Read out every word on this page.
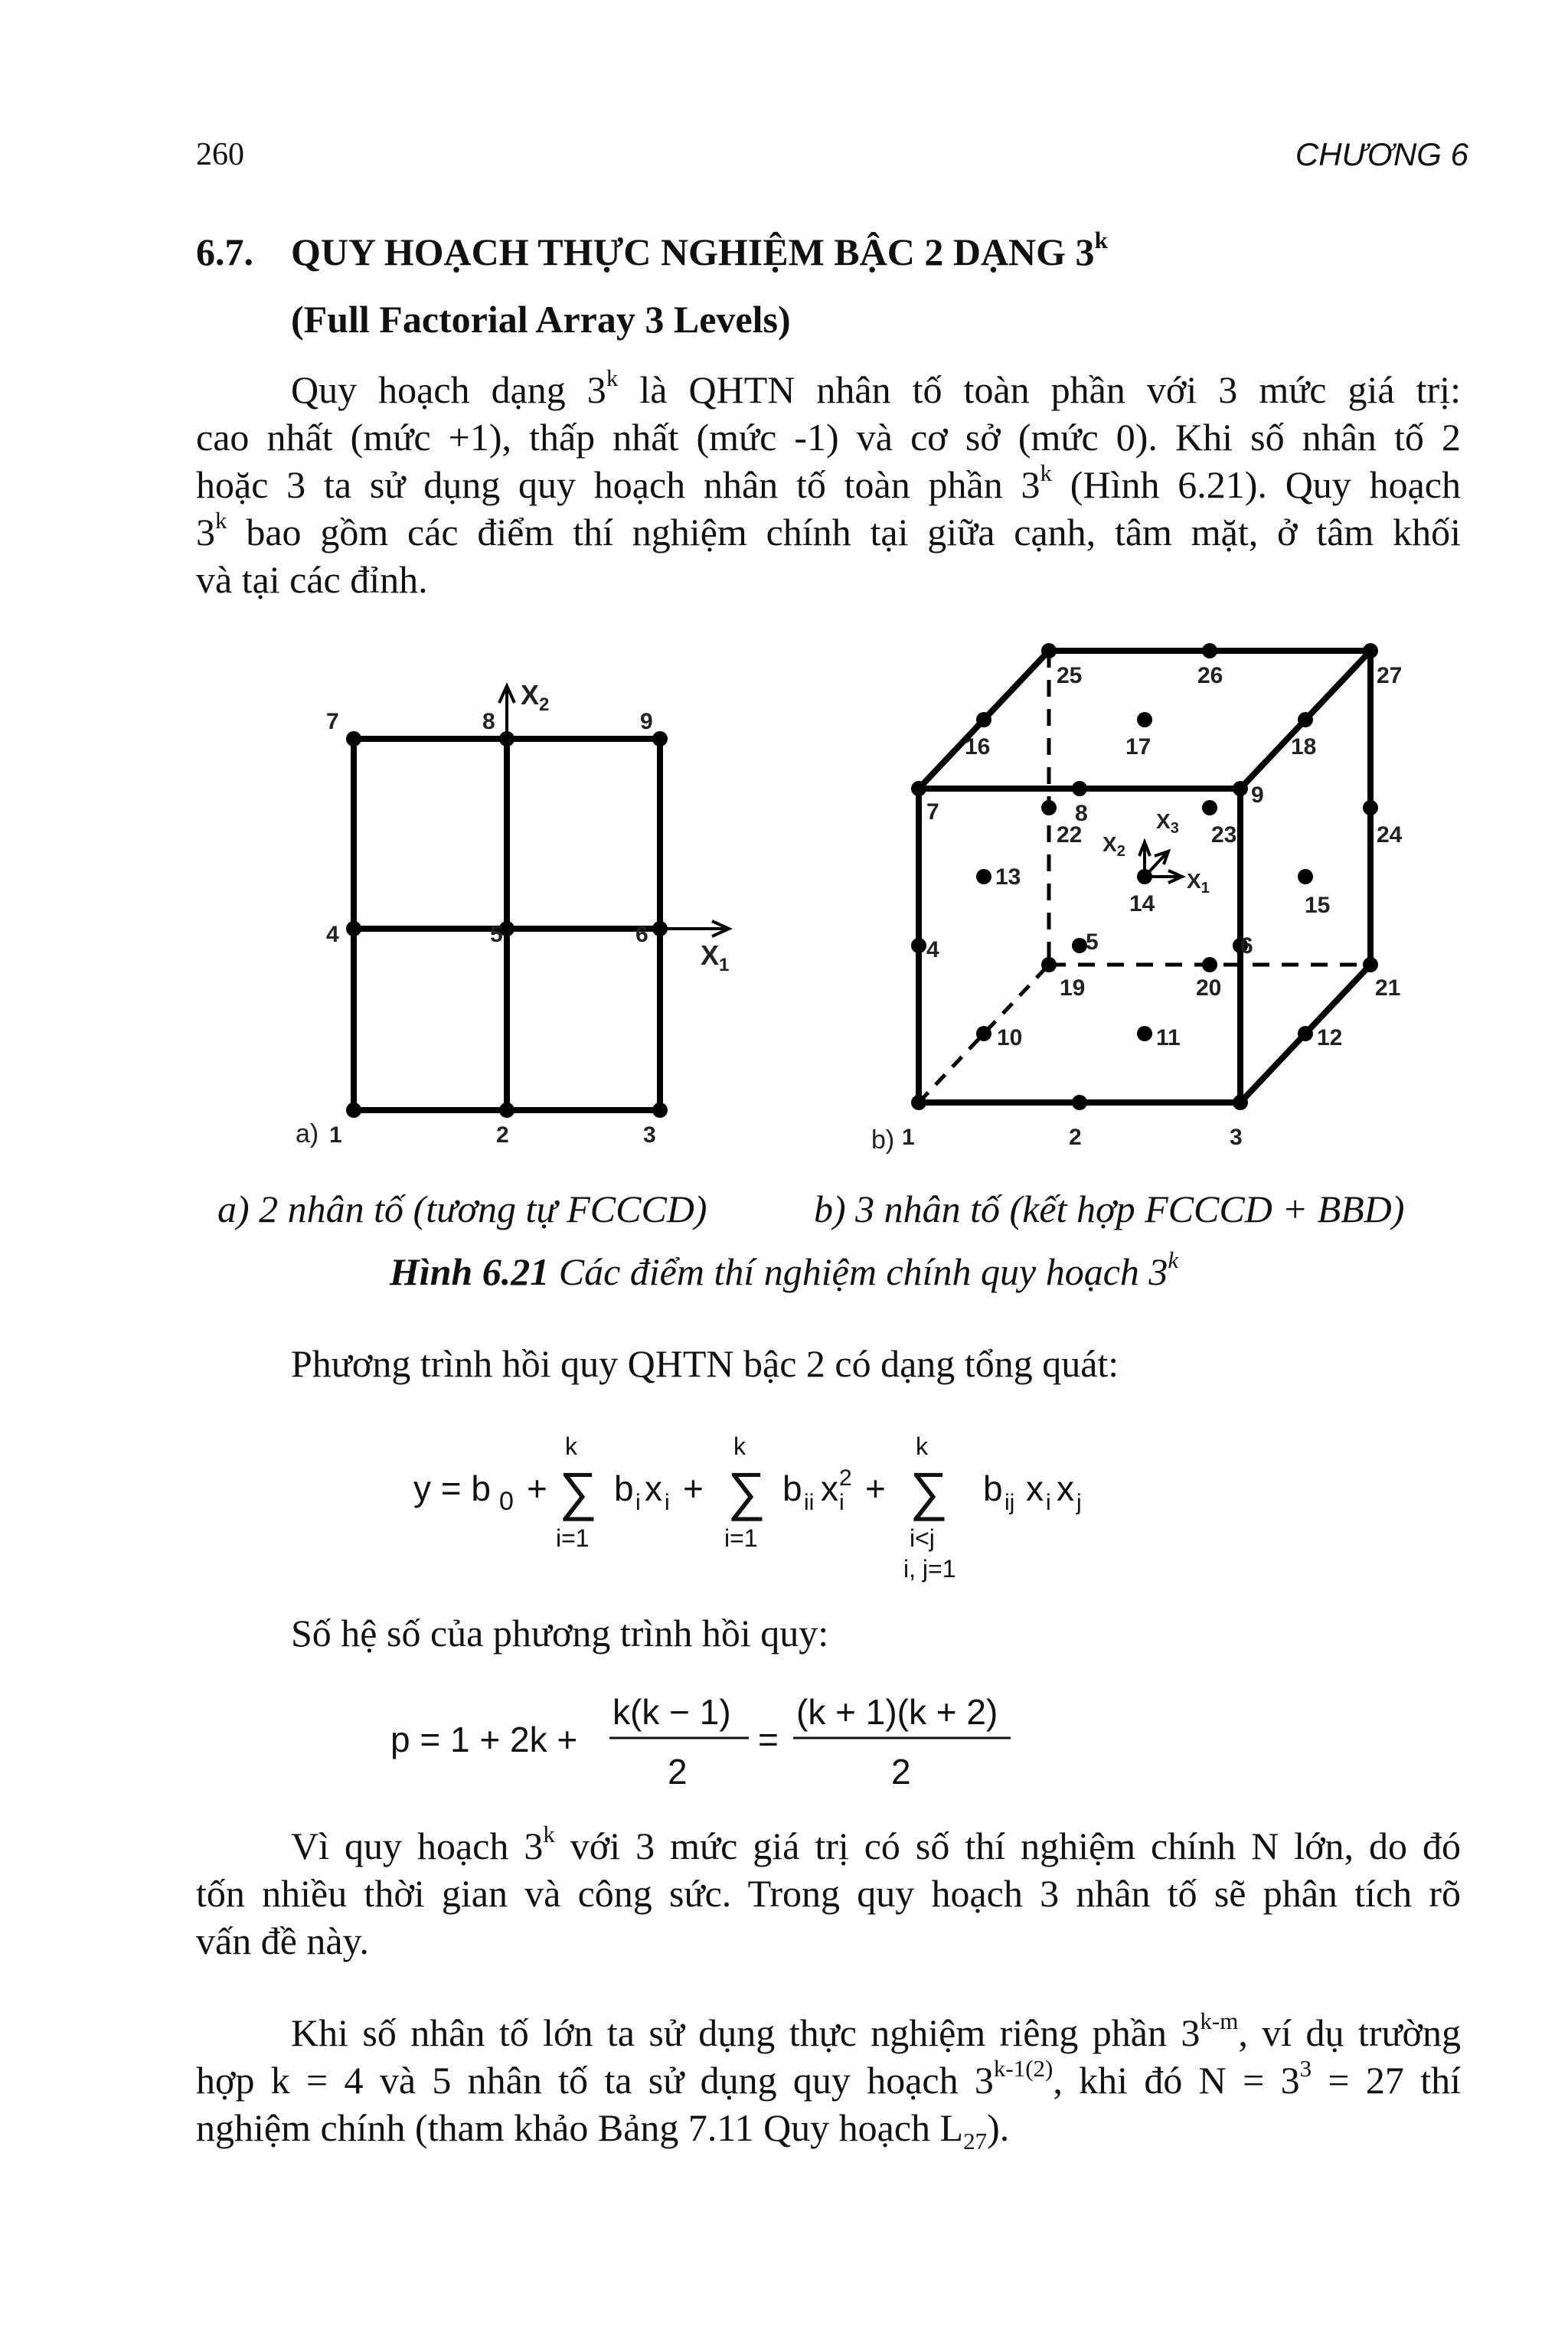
260	CHƯƠNG 6
6.7. QUY HOẠCH THỰC NGHIỆM BẬC 2 DẠNG 3$^k$
(Full Factorial Array 3 Levels)
Quy hoạch dạng 3$^k$ là QHTN nhân tố toàn phần với 3 mức giá trị:
cao nhất (mức +1), thấp nhất (mức -1) và cơ sở (mức 0). Khi số nhân tố 2
hoặc 3 ta sử dụng quy hoạch nhân tố toàn phần 3$^k$ (Hình 6.21). Quy hoạch
3$^k$ bao gồm các điểm thí nghiệm chính tại giữa cạnh, tâm mặt, ở tâm khối
và tại các đỉnh.
a) 1	2	3
4	5	6
7	8	9
$X_2$
$X_1$
b) 1	2	3
4	5	6
7	8
9
10	11	12
13
14	15
16	17	18
19	20	21
22	23	24
25	26	27
$X_1$
$X_2$
$X_3$
a) 2 nhân tố (tương tự FCCCD)	b) 3 nhân tố (kết hợp FCCCD + BBD)
Hình 6.21 Các điểm thí nghiệm chính quy hoạch 3$^k$
Phương trình hồi quy QHTN bậc 2 có dạng tổng quát:
y = b 0 +
k
∑
i=1
b i x i +
k
∑
i=1
b ii x 2
i +
k
∑
i<j
i, j=1
b ij x i x j
Số hệ số của phương trình hồi quy:
p = 1 + 2k +
k(k − 1)
2
=
(k + 1)(k + 2)
2
Vì quy hoạch 3$^k$ với 3 mức giá trị có số thí nghiệm chính N lớn, do đó
tốn nhiều thời gian và công sức. Trong quy hoạch 3 nhân tố sẽ phân tích rõ
vấn đề này.
Khi số nhân tố lớn ta sử dụng thực nghiệm riêng phần 3$^{k-m}$, ví dụ trường
hợp k = 4 và 5 nhân tố ta sử dụng quy hoạch $3^{k-1(2)}$, khi đó $N = 3^3 = 27$ thí
nghiệm chính (tham khảo Bảng 7.11 Quy hoạch $L_{27}$).
